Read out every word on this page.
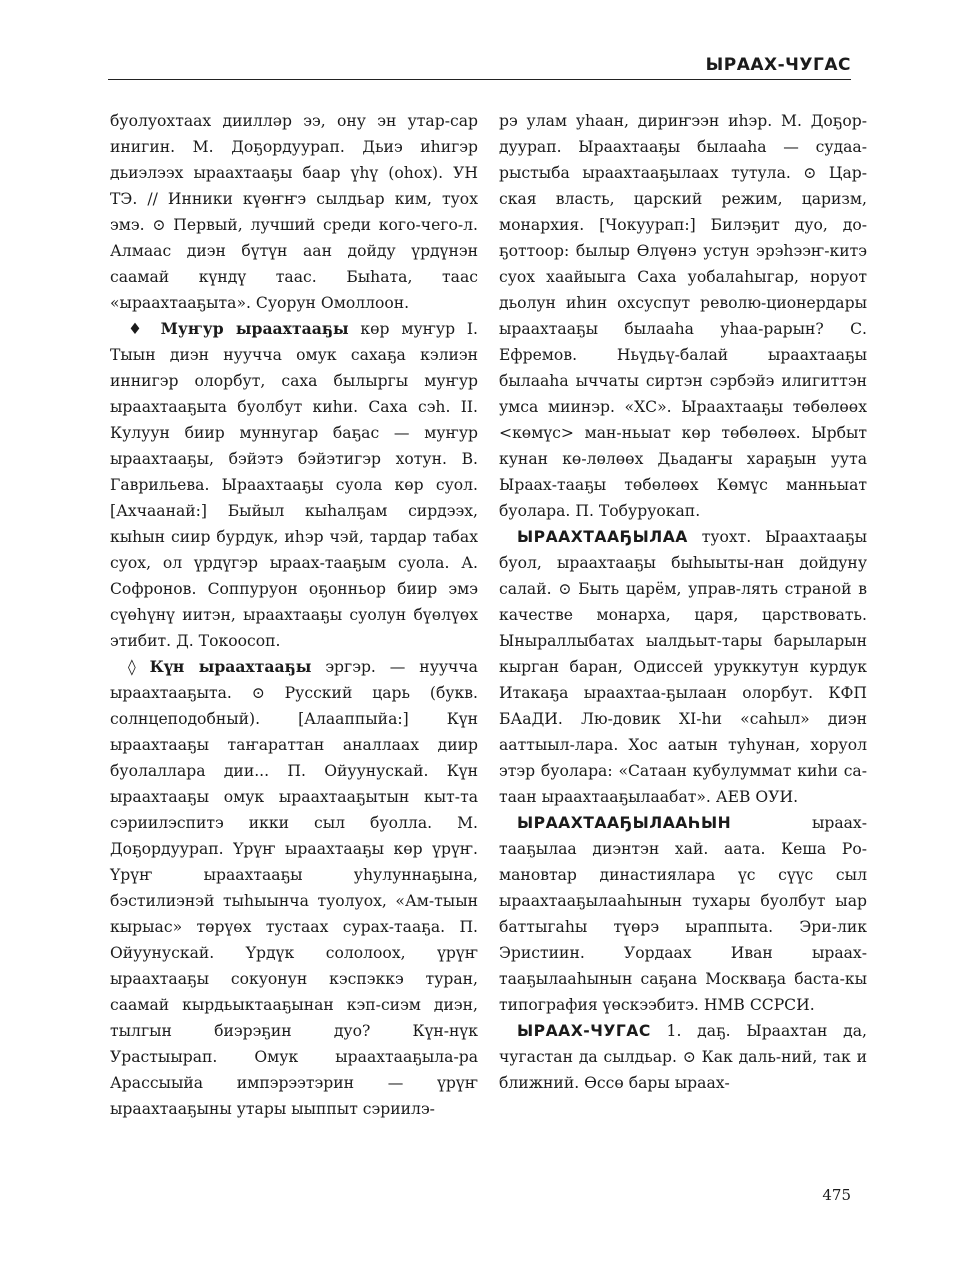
ЫРААХ-ЧУГАС

буолуохтаах диилләр ээ, ону эн утар-сар инигин. М. Доҕордуурап. Дьиэ иһигэр дьиэлээх ыраахтааҕы баар үһү (оһох). УН ТЭ. // Инники күөҥҥэ сылдьар ким, туох эмэ. ⊙ Первый, лучший среди кого-чего-л. Алмаас диэн бүтүн аан дойду үрдүнэн саамай күндү таас. Быһата, таас «ыраахтааҕыта». Суорун Омоллоон.

♦ Муҥур ыраахтааҕы көр муҥур I. Тыын диэн нуучча омук сахаҕа кэлиэн иннигэр олорбут, саха былыргы муҥур ыраахтааҕыта буолбут киһи. Саха сэһ. II. Кулуун биир муннугар баҕас — муҥур ыраахтааҕы, бэйэтэ бэйэтигэр хотун. В. Гаврильева. Ыраахтааҕы суола көр суол. [Ахчаанай:] Быйыл кыһалҕам сирдээх, кыһын сиир бурдук, иһэр чэй, тардар табах суох, ол үрдүгэр ыраах-тааҕым суола. А. Софронов. Соппуруон оҕонньор биир эмэ сүөһүнү иитэн, ыраахтааҕы суолун бүөлүөх этибит. Д. Токоосоп.

◊ Күн ыраахтааҕы эргэр. — нуучча ыраахтааҕыта. ⊙ Русский царь (букв. солнцеподобный). [Алааппыйа:] Күн ыраахтааҕы таҥараттан аналлаах диир буолаллара дии... П. Ойуунускай. Күн ыраахтааҕы омук ыраахтааҕытын кыт-та сэриилэспитэ икки сыл буолла. М. Доҕордуурап. Үрүҥ ыраахтааҕы көр үрүҥ. Үрүҥ ыраахтааҕы уһулуннаҕына, бэстилиэнэй тыһыынча туолуох, «Ам-тыын кырыас» төрүөх тустаах сурах-тааҕа. П. Ойуунускай. Үрдүк сололоох, үрүҥ ыраахтааҕы сокуонун кэспэккэ туран, саамай кырдьыктааҕынан кэп-сиэм диэн, тылгын биэрэҕин дуо? Күн-нүк Урастыырап. Омук ыраахтааҕыла-ра Арассыыйа импэрээтэрин — үрүҥ ыраахтааҕыны утары ыыппыт сэриилэ-

рэ улам уһаан, дириҥээн иһэр. М. Доҕор-дуурап. Ыраахтааҕы былааһа — судаа-рыстыба ыраахтааҕылаах тутула. ⊙ Цар-ская власть, царский режим, царизм, монархия. [Чокуурап:] Билэҕит дуо, до-ҕоттоор: былыр Өлүөнэ устун эрэһээҥ-китэ суох хаайыыга Саха уобалаһыгар, норуот дьолун иһин охсуспут револю-ционердары ыраахтааҕы былааһа уһаа-рарын? С. Ефремов. Ньүдьү-балай ыраахтааҕы былааһа ыччаты сиртэн сэрбэйэ илигиттэн умса миинэр. «ХС». Ыраахтааҕы төбөлөөх <көмүс> ман-ньыат көр төбөлөөх. Ырбыт кунан кө-лөлөөх Дьадаҥы хараҕын уута Ыраах-тааҕы төбөлөөх Көмүс манньыат буолара. П. Тобуруокап.

ЫРААХТААҔЫЛАА туохт. Ыраахтааҕы буол, ыраахтааҕы быһыыты-нан дойдуну салай. ⊙ Быть царём, управ-лять страной в качестве монарха, царя, царствовать. Ыныраллыбатах ыалдьыт-тары барыларын кырган баран, Одиссей уруккутун курдук Итакаҕа ыраахтаа-ҕылаан олорбут. КФП БАаДИ. Лю-довик XI-һи «саһыл» диэн ааттыыл-лара. Хос аатын туһунан, хоруол этэр буолара: «Сатаан кубулуммат киһи са-таан ыраахтааҕылаабат». АЕВ ОУИ.

ЫРААХТААҔЫЛААҺЫН	ыраах-тааҕылаа диэнтэн хай. аата. Кеша Ро-мановтар династиялара үс сүүс сыл ыраахтааҕылааһынын тухары буолбут ыар баттыгаһы түөрэ ыраппыта. Эри-лик Эристиин. Уордаах Иван ыраах-тааҕылааһынын саҕана Москваҕа баста-кы типография үөскээбитэ. НМВ ССРСИ.

ЫРААХ-ЧУГАС 1. даҕ. Ыраахтан да, чугастан да сылдьар. ⊙ Как даль-ний, так и ближний. Өссө бары ыраах-

475
